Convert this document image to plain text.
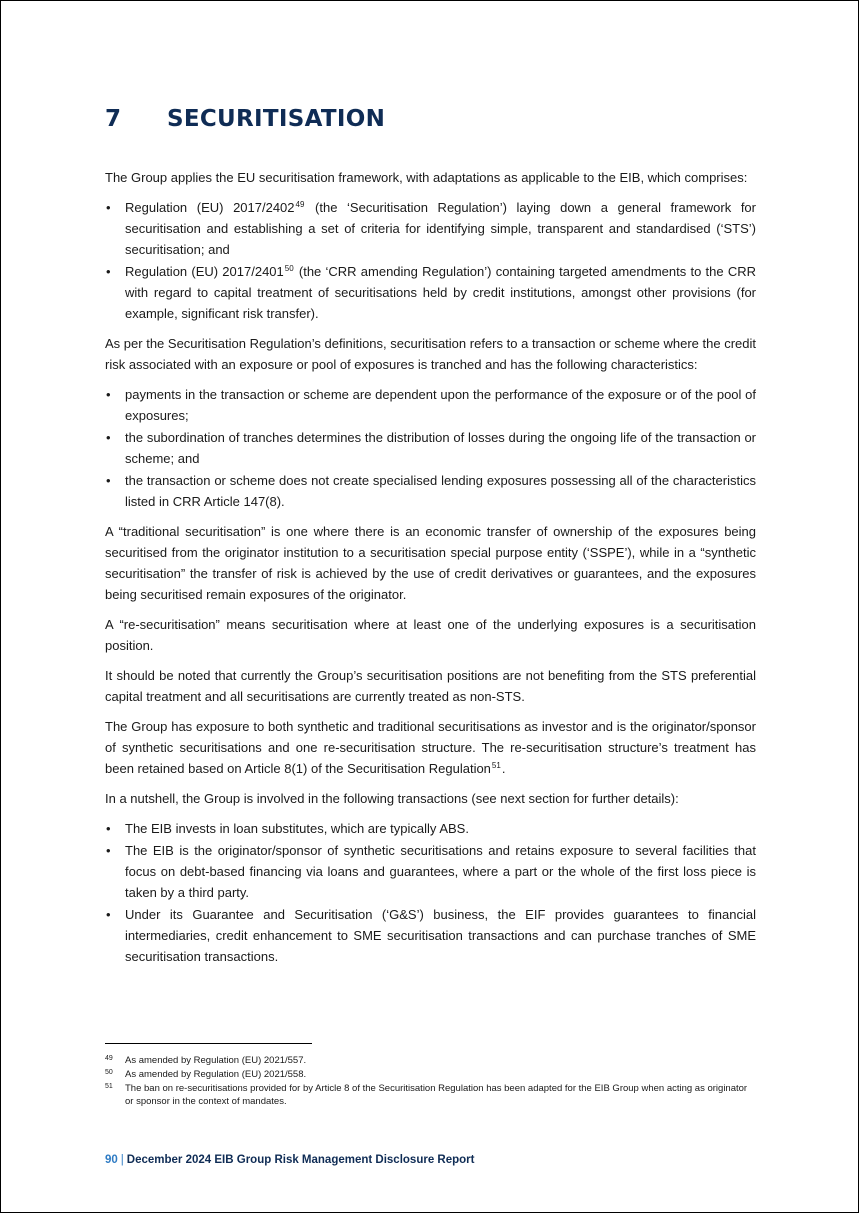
7 SECURITISATION

The Group applies the EU securitisation framework, with adaptations as applicable to the EIB, which comprises:

• Regulation (EU) 2017/2402$^{49}$ (the ‘Securitisation Regulation’) laying down a general framework for securitisation and establishing a set of criteria for identifying simple, transparent and standardised (‘STS’) securitisation; and
• Regulation (EU) 2017/2401$^{50}$ (the ‘CRR amending Regulation’) containing targeted amendments to the CRR with regard to capital treatment of securitisations held by credit institutions, amongst other provisions (for example, significant risk transfer).

As per the Securitisation Regulation’s definitions, securitisation refers to a transaction or scheme where the credit risk associated with an exposure or pool of exposures is tranched and has the following characteristics:

• payments in the transaction or scheme are dependent upon the performance of the exposure or of the pool of exposures;
• the subordination of tranches determines the distribution of losses during the ongoing life of the transaction or scheme; and
• the transaction or scheme does not create specialised lending exposures possessing all of the characteristics listed in CRR Article 147(8).

A “traditional securitisation” is one where there is an economic transfer of ownership of the exposures being securitised from the originator institution to a securitisation special purpose entity (‘SSPE’), while in a “synthetic securitisation” the transfer of risk is achieved by the use of credit derivatives or guarantees, and the exposures being securitised remain exposures of the originator.

A “re-securitisation” means securitisation where at least one of the underlying exposures is a securitisation position.

It should be noted that currently the Group’s securitisation positions are not benefiting from the STS preferential capital treatment and all securitisations are currently treated as non-STS.

The Group has exposure to both synthetic and traditional securitisations as investor and is the originator/sponsor of synthetic securitisations and one re-securitisation structure. The re-securitisation structure’s treatment has been retained based on Article 8(1) of the Securitisation Regulation$^{51}$.

In a nutshell, the Group is involved in the following transactions (see next section for further details):

• The EIB invests in loan substitutes, which are typically ABS.
• The EIB is the originator/sponsor of synthetic securitisations and retains exposure to several facilities that focus on debt-based financing via loans and guarantees, where a part or the whole of the first loss piece is taken by a third party.
• Under its Guarantee and Securitisation (‘G&S’) business, the EIF provides guarantees to financial intermediaries, credit enhancement to SME securitisation transactions and can purchase tranches of SME securitisation transactions.
49 As amended by Regulation (EU) 2021/557.
50 As amended by Regulation (EU) 2021/558.
51 The ban on re-securitisations provided for by Article 8 of the Securitisation Regulation has been adapted for the EIB Group when acting as originator or sponsor in the context of mandates.
90 | December 2024 EIB Group Risk Management Disclosure Report
